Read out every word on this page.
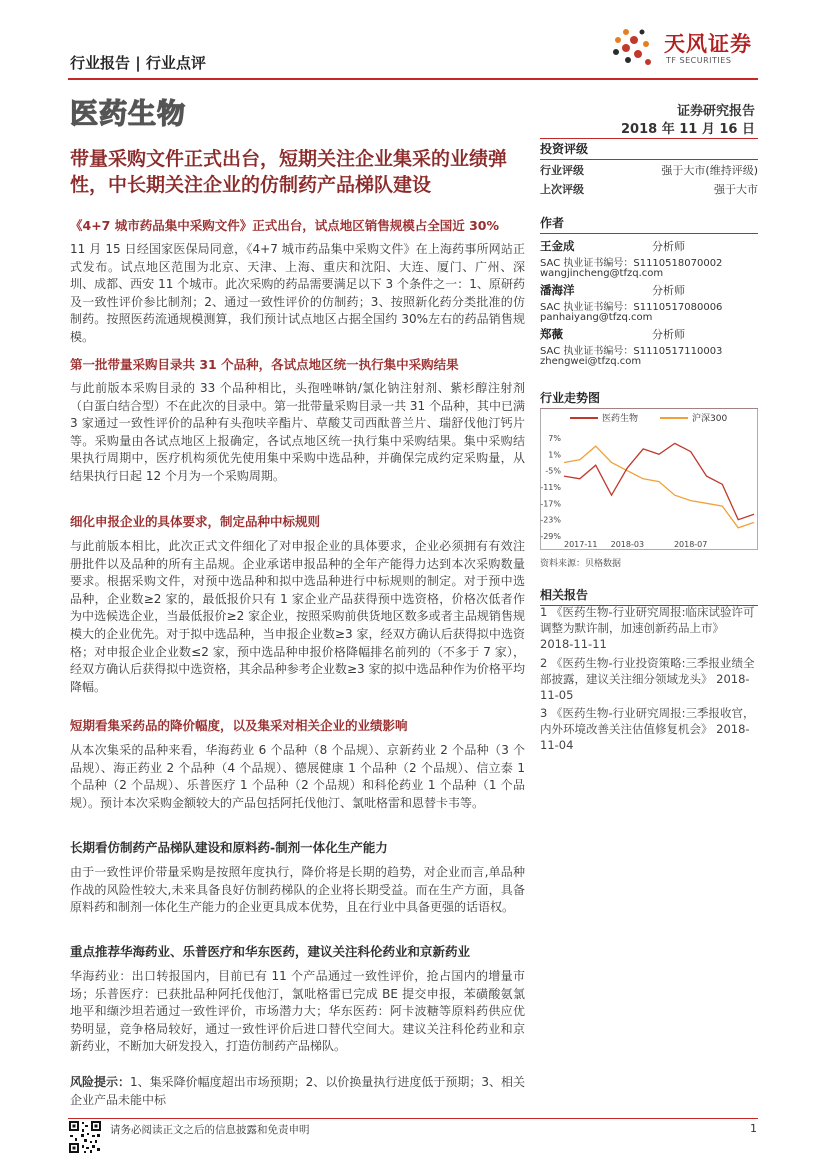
行业报告 | 行业点评
天风证券
TF SECURITIES
医药生物	证券研究报告
2018 年 11 月 16 日
带量采购文件正式出台，短期关注企业集采的业绩弹性，中长期关注企业的仿制药产品梯队建设
《4+7 城市药品集中采购文件》正式出台，试点地区销售规模占全国近 30%
11 月 15 日经国家医保局同意，《4+7 城市药品集中采购文件》在上海药事所网站正式发布。试点地区范围为北京、天津、上海、重庆和沈阳、大连、厦门、广州、深圳、成都、西安 11 个城市。此次采购的药品需要满足以下 3 个条件之一：1、原研药及一致性评价参比制剂；2、通过一致性评价的仿制药；3、按照新化药分类批准的仿制药。按照医药流通规模测算，我们预计试点地区占据全国约 30%左右的药品销售规模。
第一批带量采购目录共 31 个品种，各试点地区统一执行集中采购结果
与此前版本采购目录的 33 个品种相比，头孢唑啉钠/氯化钠注射剂、紫杉醇注射剂（白蛋白结合型）不在此次的目录中。第一批带量采购目录一共 31 个品种，其中已满 3 家通过一致性评价的品种有头孢呋辛酯片、草酸艾司西酞普兰片、瑞舒伐他汀钙片等。采购量由各试点地区上报确定，各试点地区统一执行集中采购结果。集中采购结果执行周期中，医疗机构须优先使用集中采购中选品种，并确保完成约定采购量，从结果执行日起 12 个月为一个采购周期。
细化申报企业的具体要求，制定品种中标规则
与此前版本相比，此次正式文件细化了对申报企业的具体要求，企业必须拥有有效注册批件以及品种的所有主品规。企业承诺申报品种的全年产能得力达到本次采购数量要求。根据采购文件，对预中选品种和拟中选品种进行中标规则的制定。对于预中选品种，企业数≥2 家的，最低报价只有 1 家企业产品获得预中选资格，价格次低者作为中选候选企业，当最低报价≥2 家企业，按照采购前供货地区数多或者主品规销售规模大的企业优先。对于拟中选品种，当申报企业数≥3 家，经双方确认后获得拟中选资格；对申报企业企业数≤2 家，预中选品种申报价格降幅排名前列的（不多于 7 家），经双方确认后获得拟中选资格，其余品种参考企业数≥3 家的拟中选品种作为价格平均降幅。
短期看集采药品的降价幅度，以及集采对相关企业的业绩影响
从本次集采的品种来看，华海药业 6 个品种（8 个品规）、京新药业 2 个品种（3 个品规）、海正药业 2 个品种（4 个品规）、德展健康 1 个品种（2 个品规）、信立泰 1 个品种（2 个品规）、乐普医疗 1 个品种（2 个品规）和科伦药业 1 个品种（1 个品规）。预计本次采购金额较大的产品包括阿托伐他汀、氯吡格雷和恩替卡韦等。
长期看仿制药产品梯队建设和原料药-制剂一体化生产能力
由于一致性评价带量采购是按照年度执行，降价将是长期的趋势，对企业而言,单品种作战的风险性较大,未来具备良好仿制药梯队的企业将长期受益。而在生产方面，具备原料药和制剂一体化生产能力的企业更具成本优势，且在行业中具备更强的话语权。
重点推荐华海药业、乐普医疗和华东医药，建议关注科伦药业和京新药业
华海药业：出口转报国内，目前已有 11 个产品通过一致性评价，抢占国内的增量市场；乐普医疗：已获批品种阿托伐他汀，氯吡格雷已完成 BE 提交申报，苯磺酸氨氯地平和缬沙坦若通过一致性评价，市场潜力大；华东医药：阿卡波糖等原料药供应优势明显，竞争格局较好，通过一致性评价后进口替代空间大。建议关注科伦药业和京新药业，不断加大研发投入，打造仿制药产品梯队。
风险提示：1、集采降价幅度超出市场预期；2、以价换量执行进度低于预期；3、相关企业产品未能中标
投资评级
行业评级	强于大市(维持评级)
上次评级	强于大市
作者
王金成	分析师
SAC 执业证书编号：S1110518070002
wangjincheng@tfzq.com
潘海洋	分析师
SAC 执业证书编号：S1110517080006
panhaiyang@tfzq.com
郑薇	分析师
SAC 执业证书编号：S1110517110003
zhengwei@tfzq.com
行业走势图
医药生物	沪深300
7%
1%
-5%
-11%
-17%
-23%
-29%
2017-11 2018-03	2018-07
资料来源：贝格数据
相关报告
1 《医药生物-行业研究周报:临床试验许可调整为默许制，加速创新药品上市》 2018-11-11
2 《医药生物-行业投资策略:三季报业绩全部披露，建议关注细分领域龙头》 2018-11-05
3 《医药生物-行业研究周报:三季报收官，内外环境改善关注估值修复机会》 2018-11-04
请务必阅读正文之后的信息披露和免责申明	1
